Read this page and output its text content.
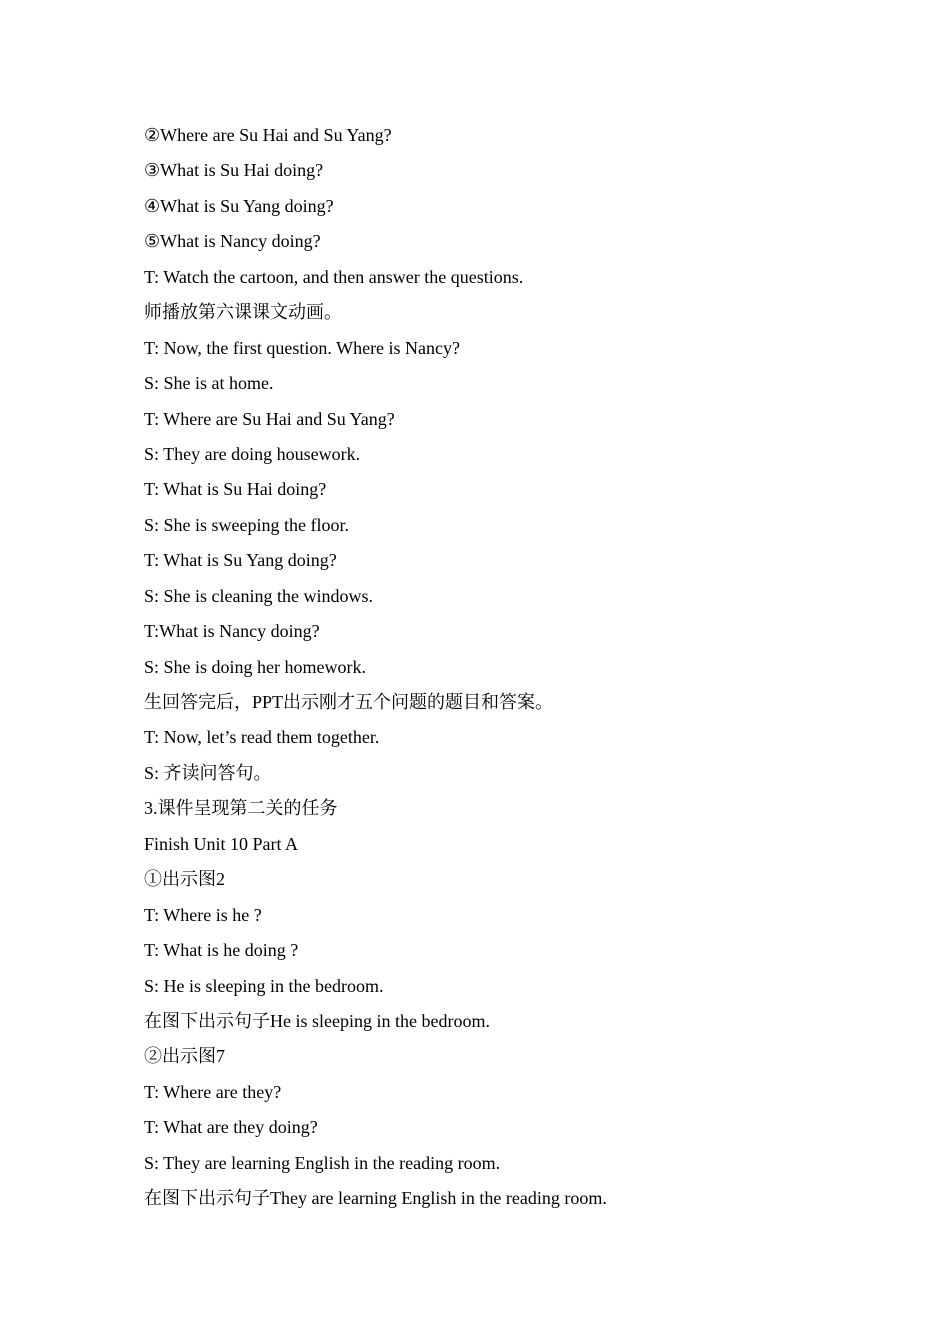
②Where are Su Hai and Su Yang?
③What is Su Hai doing?
④What is Su Yang doing?
⑤What is Nancy doing?
T: Watch the cartoon, and then answer the questions.
师播放第六课课文动画。
T: Now, the first question. Where is Nancy?
S: She is at home.
T: Where are Su Hai and Su Yang?
S: They are doing housework.
T: What is Su Hai doing?
S: She is sweeping the floor.
T: What is Su Yang doing?
S: She is cleaning the windows.
T:What is Nancy doing?
S: She is doing her homework.
生回答完后，PPT出示刚才五个问题的题目和答案。
T: Now, let’s read them together.
S: 齐读问答句。
3.课件呈现第二关的任务
Finish Unit 10 Part A
①出示图2
T: Where is he ?
T: What is he doing ?
S: He is sleeping in the bedroom.
在图下出示句子He is sleeping in the bedroom.
②出示图7
T: Where are they?
T: What are they doing?
S: They are learning English in the reading room.
在图下出示句子They are learning English in the reading room.
